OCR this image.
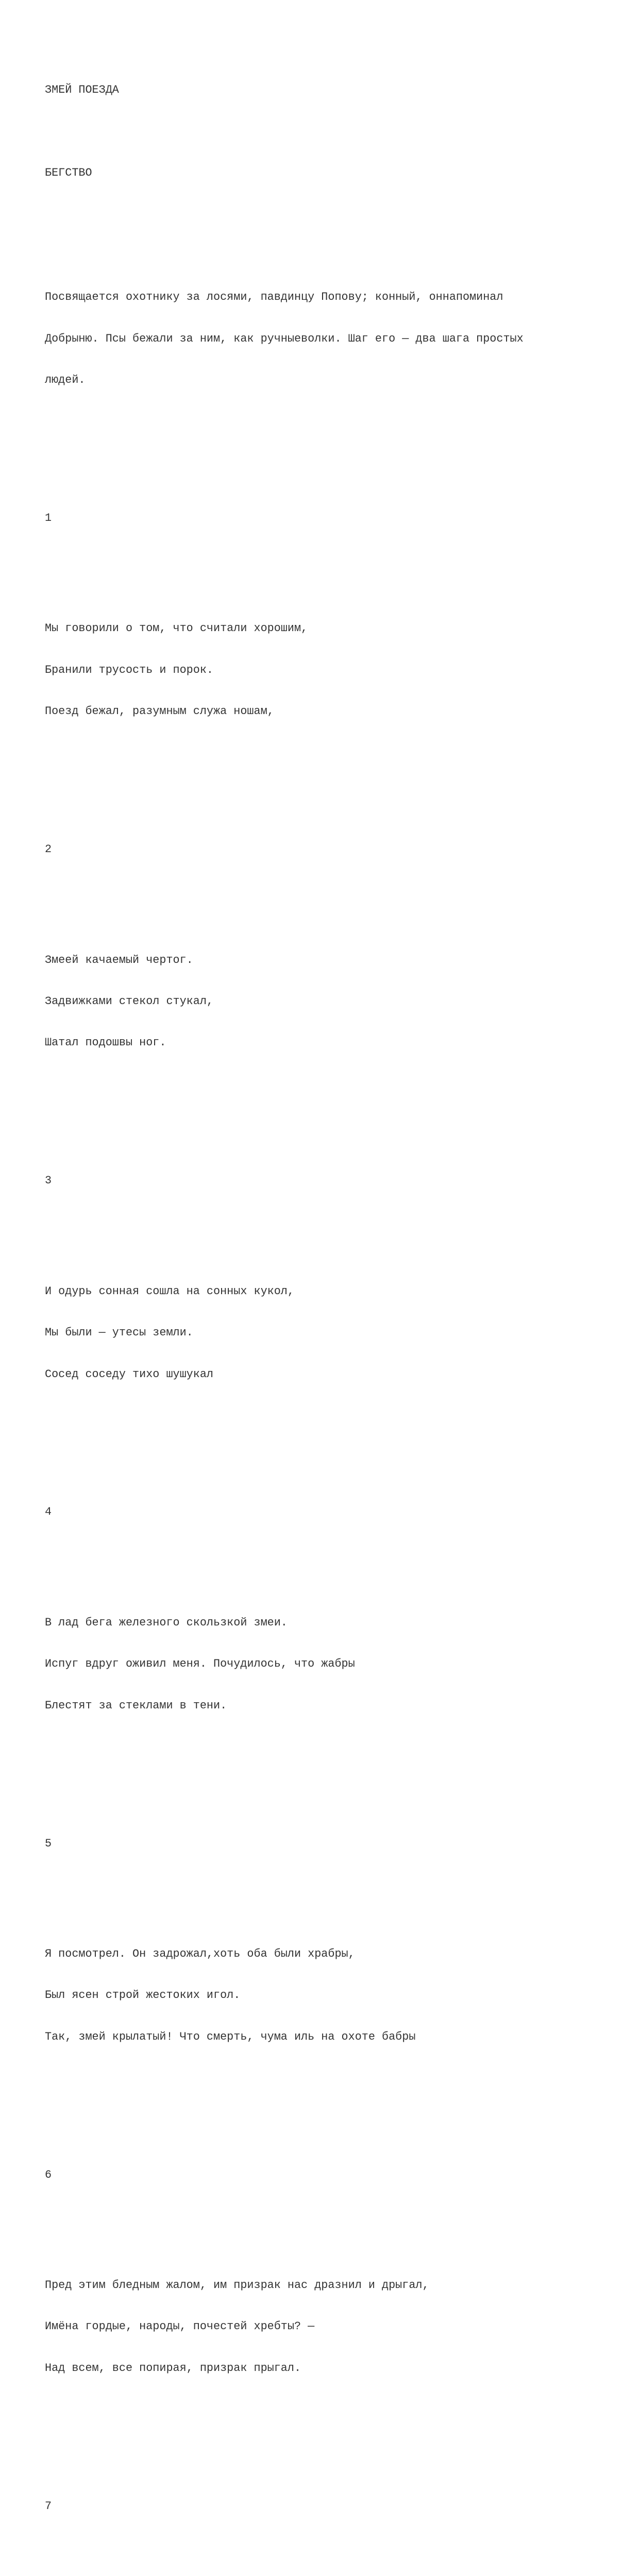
ЗМЕЙ ПОЕЗДА

БЕГСТВО

Посвящается охотнику за лосями, павдинцу Попову; конный, оннапоминал

Добрыню. Псы бежали за ним, как ручныеволки. Шаг его — два шага простых

людей.

1

Мы говорили о том, что считали хорошим,

Бранили трусость и порок.

Поезд бежал, разумным служа ношам,

2

Змеей качаемый чертог.

Задвижками стекол стукал,

Шатал подошвы ног.

3

И одурь сонная сошла на сонных кукол,

Мы были — утесы земли.

Сосед соседу тихо шушукал

4

В лад бега железного скользкой змеи.

Испуг вдруг оживил меня. Почудилось, что жабры

Блестят за стеклами в тени.

5

Я посмотрел. Он задрожал,хоть оба были храбры,

Был ясен строй жестоких игол.

Так, змей крылатый! Что смерть, чума иль на охоте бабры

6

Пред этим бледным жалом, им призрак нас дразнил и дрыгал,

Имёна гордые, народы, почестей хребты? —

Над всем, все попирая, призрак прыгал.

7
